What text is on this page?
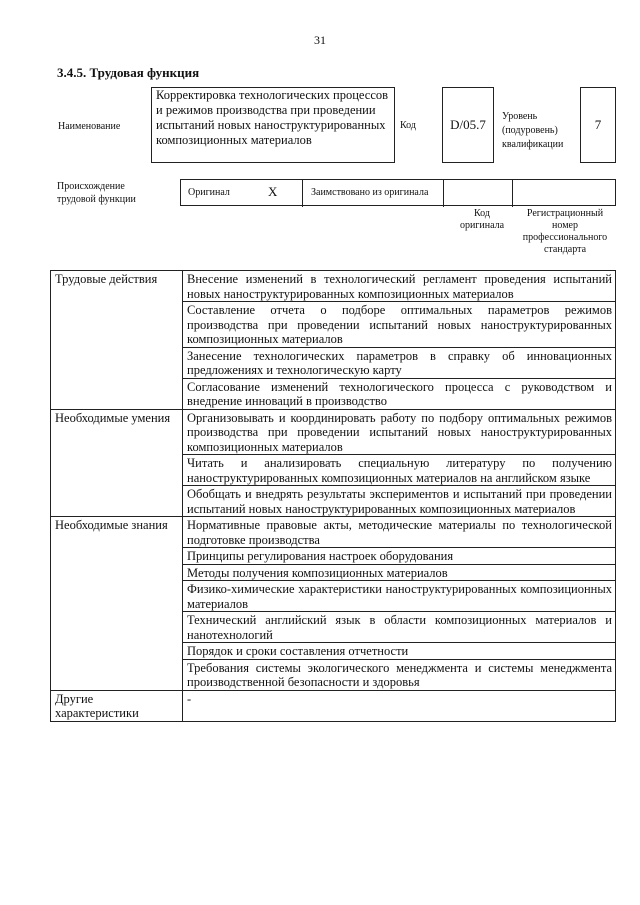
31
3.4.5. Трудовая функция
Наименование
Корректировка технологических процессов и режимов производства при проведении испытаний новых наноструктурированных композиционных материалов
Код	D/05.7
Уровень (подуровень) квалификации
7
Происхождение трудовой функции
Оригинал	X	Заимствовано из оригинала
Код оригинала
Регистрационный номер профессионального стандарта
Трудовые действия	Внесение изменений в технологический регламент проведения испытаний новых наноструктурированных композиционных материалов
	Составление отчета о подборе оптимальных параметров режимов производства при проведении испытаний новых наноструктурированных композиционных материалов
	Занесение технологических параметров в справку об инновационных предложениях и технологическую карту
	Согласование изменений технологического процесса с руководством и внедрение инноваций в производство
Необходимые умения	Организовывать и координировать работу по подбору оптимальных режимов производства при проведении испытаний новых наноструктурированных композиционных материалов
	Читать и анализировать специальную литературу по получению наноструктурированных композиционных материалов на английском языке
	Обобщать и внедрять результаты экспериментов и испытаний при проведении испытаний новых наноструктурированных композиционных материалов
Необходимые знания	Нормативные правовые акты, методические материалы по технологической подготовке производства
	Принципы регулирования настроек оборудования
	Методы получения композиционных материалов
	Физико-химические характеристики наноструктурированных композиционных материалов
	Технический английский язык в области композиционных материалов и нанотехнологий
	Порядок и сроки составления отчетности
	Требования системы экологического менеджмента и системы менеджмента производственной безопасности и здоровья
Другие характеристики	-
